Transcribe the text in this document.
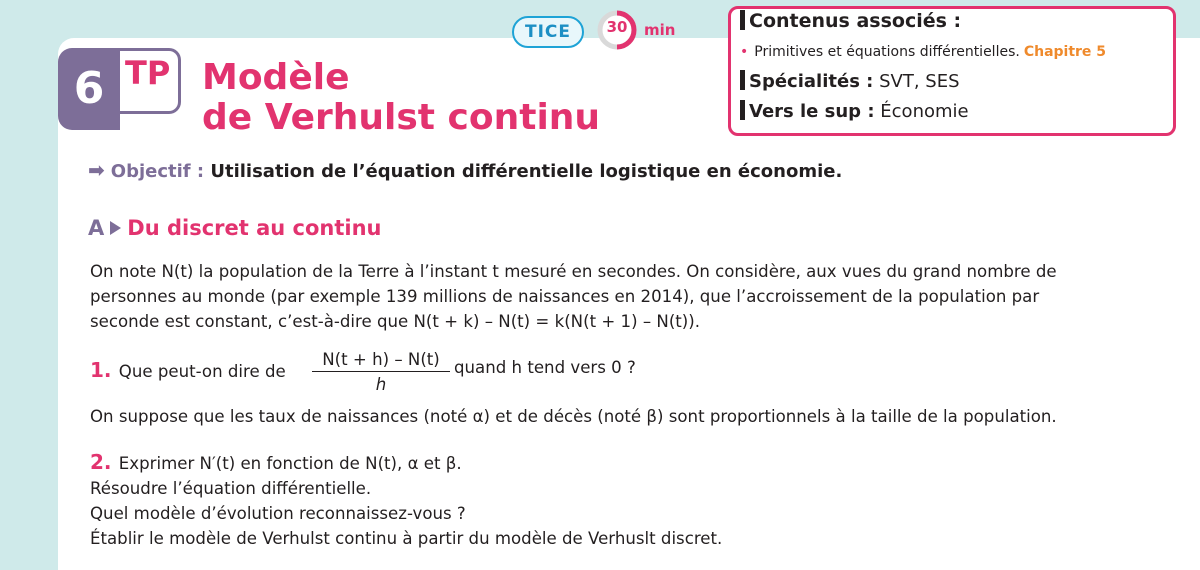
TICE	30	min
6 TP Modèle
de Verhulst continu
Contenus associés :
• Primitives et équations différentielles. Chapitre 5
Spécialités : SVT, SES
Vers le sup : Économie
➡ Objectif : Utilisation de l’équation différentielle logistique en économie.
A Du discret au continu
On note N(t) la population de la Terre à l’instant t mesuré en secondes. On considère, aux vues du grand nombre de
personnes au monde (par exemple 139 millions de naissances en 2014), que l’accroissement de la population par
seconde est constant, c’est-à-dire que N(t + k) – N(t) = k(N(t + 1) – N(t)).
1. Que peut-on dire de $\frac{N(t + h) - N(t)}{h}$ quand h tend vers 0 ?
On suppose que les taux de naissances (noté α) et de décès (noté β) sont proportionnels à la taille de la population.
2. Exprimer N′(t) en fonction de N(t), α et β.
Résoudre l’équation différentielle.
Quel modèle d’évolution reconnaissez-vous ?
Établir le modèle de Verhulst continu à partir du modèle de Verhuslt discret.
